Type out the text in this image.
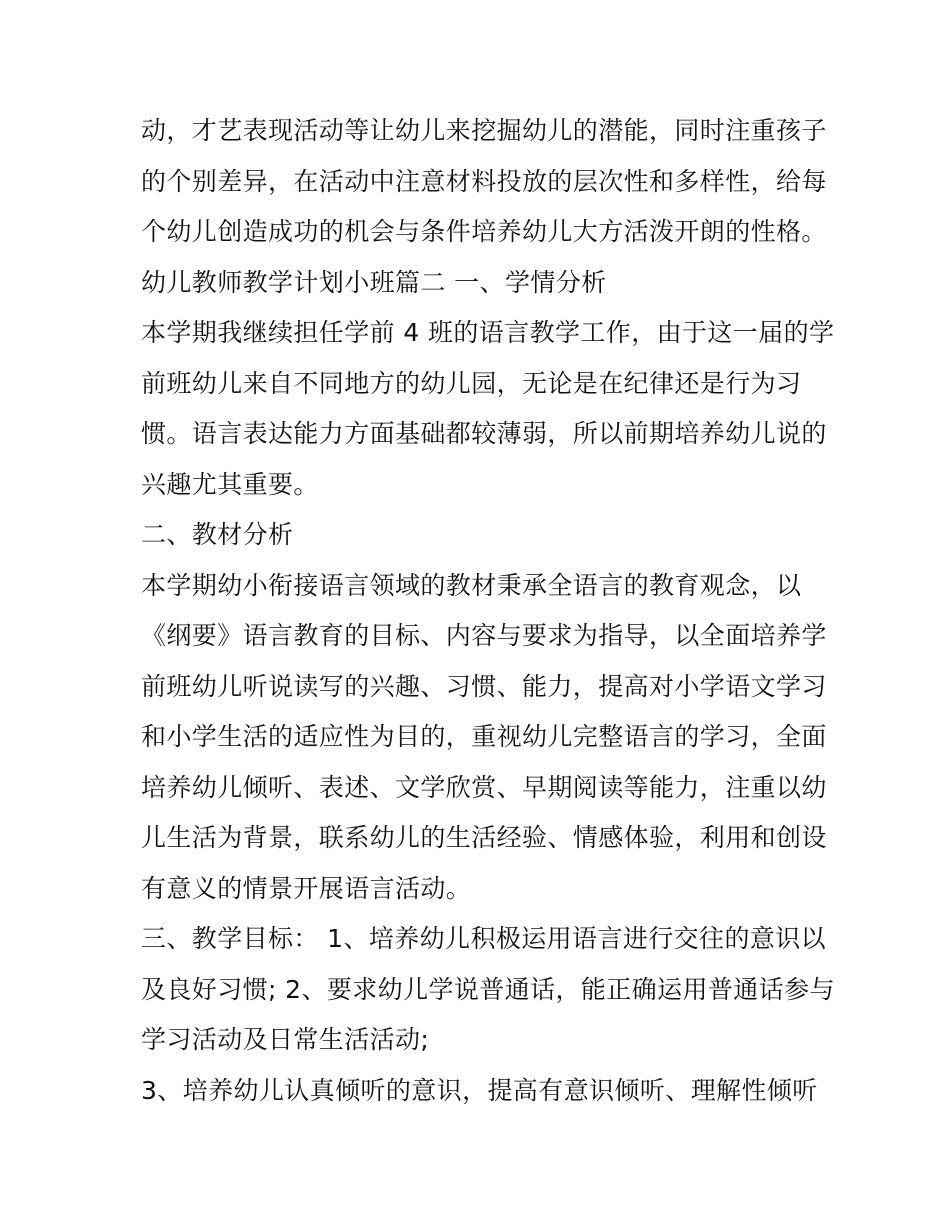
动，才艺表现活动等让幼儿来挖掘幼儿的潜能，同时注重孩子
的个别差异，在活动中注意材料投放的层次性和多样性，给每
个幼儿创造成功的机会与条件培养幼儿大方活泼开朗的性格。
幼儿教师教学计划小班篇二 一、学情分析
本学期我继续担任学前 4 班的语言教学工作，由于这一届的学
前班幼儿来自不同地方的幼儿园，无论是在纪律还是行为习
惯。语言表达能力方面基础都较薄弱，所以前期培养幼儿说的
兴趣尤其重要。
二、教材分析
本学期幼小衔接语言领域的教材秉承全语言的教育观念，以
《纲要》语言教育的目标、内容与要求为指导，以全面培养学
前班幼儿听说读写的兴趣、习惯、能力，提高对小学语文学习
和小学生活的适应性为目的，重视幼儿完整语言的学习，全面
培养幼儿倾听、表述、文学欣赏、早期阅读等能力，注重以幼
儿生活为背景，联系幼儿的生活经验、情感体验，利用和创设
有意义的情景开展语言活动。
三、教学目标： 1、培养幼儿积极运用语言进行交往的意识以
及良好习惯; 2、要求幼儿学说普通话，能正确运用普通话参与
学习活动及日常生活活动;
3、培养幼儿认真倾听的意识，提高有意识倾听、理解性倾听
